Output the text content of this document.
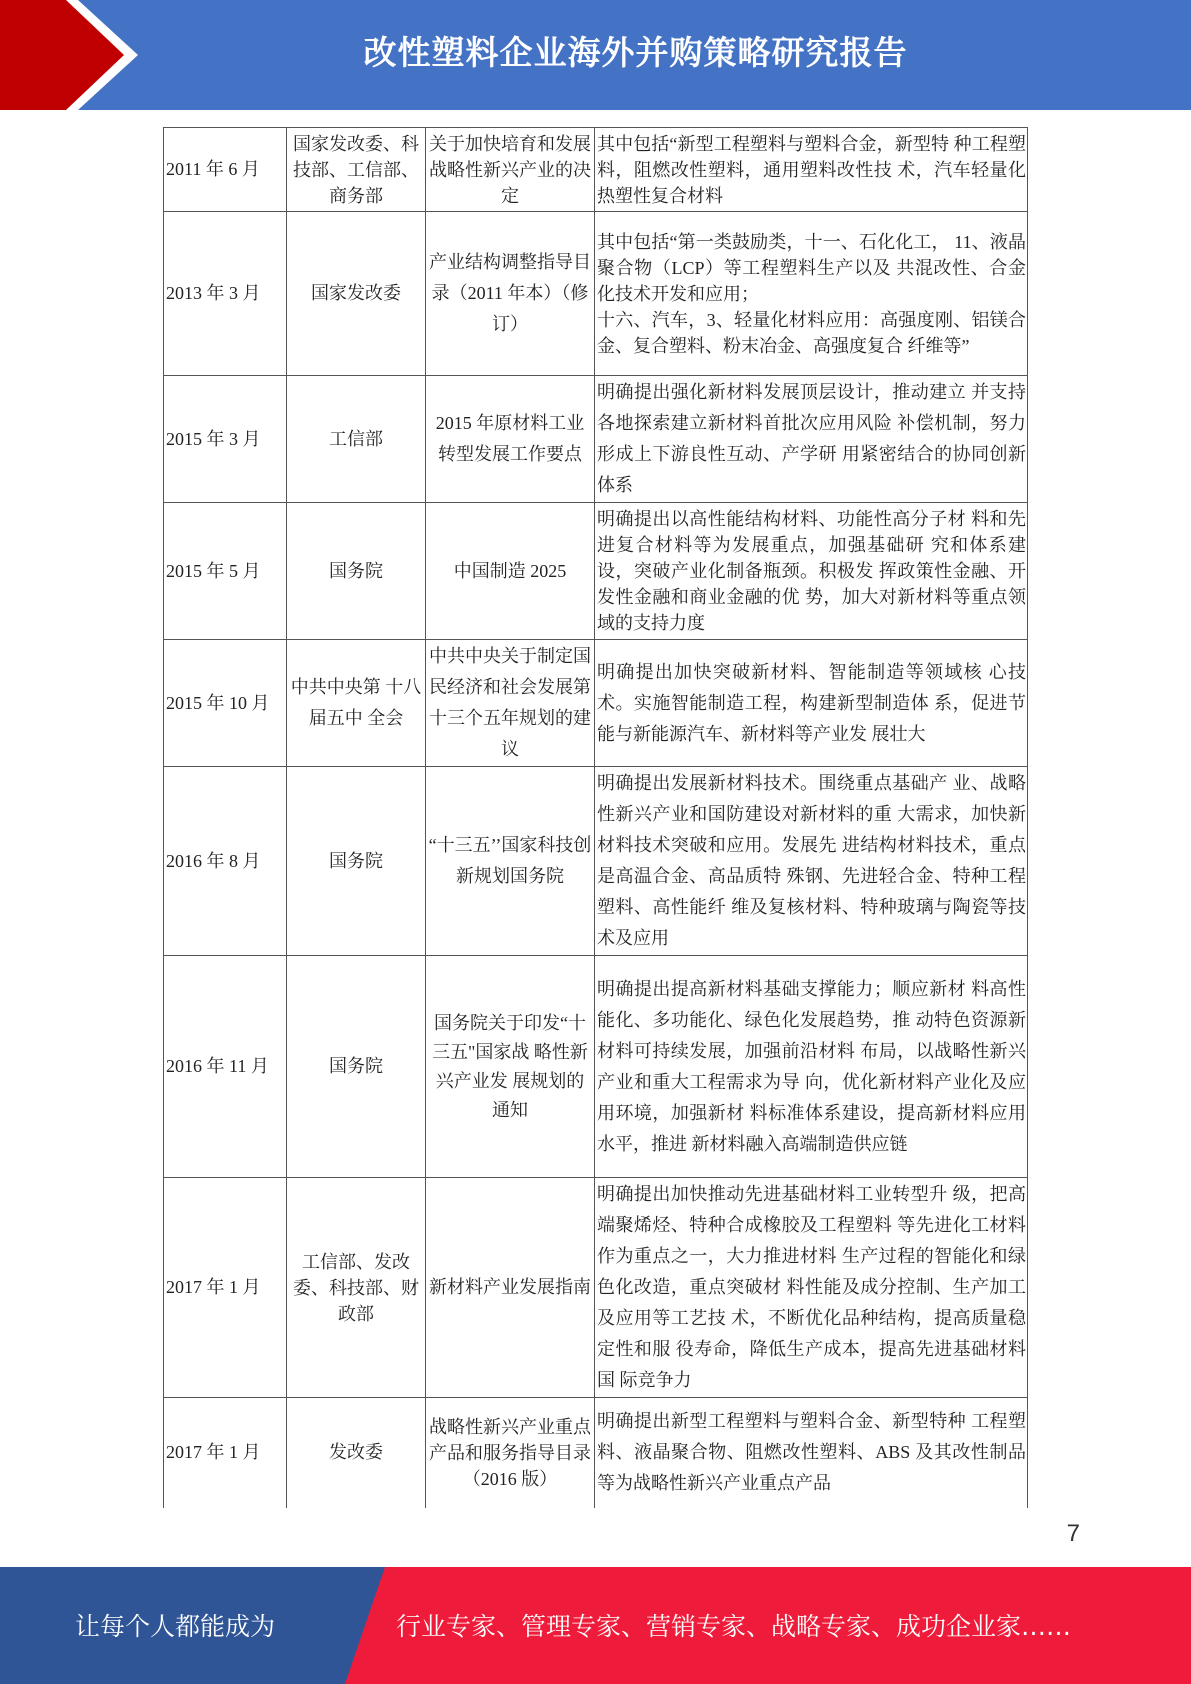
改性塑料企业海外并购策略研究报告
2011 年 6 月	国家发改委、科技部、工信部、商务部	关于加快培育和发展战略性新兴产业的决定	其中包括“新型工程塑料与塑料合金，新型特 种工程塑料，阻燃改性塑料，通用塑料改性技 术，汽车轻量化热塑性复合材料
2013 年 3 月	国家发改委	产业结构调整指导目录（2011 年本）（修订）	其中包括“第一类鼓励类，十一、石化化工， 11、液晶聚合物（LCP）等工程塑料生产以及 共混改性、合金化技术开发和应用；
十六、汽车，3、轻量化材料应用：高强度刚、铝镁合金、复合塑料、粉末冶金、高强度复合 纤维等”
2015 年 3 月	工信部	2015 年原材料工业转型发展工作要点	明确提出强化新材料发展顶层设计，推动建立 并支持各地探索建立新材料首批次应用风险 补偿机制，努力形成上下游良性互动、产学研 用紧密结合的协同创新体系
2015 年 5 月	国务院	中国制造 2025	明确提出以高性能结构材料、功能性高分子材 料和先进复合材料等为发展重点，加强基础研 究和体系建设，突破产业化制备瓶颈。积极发 挥政策性金融、开发性金融和商业金融的优 势，加大对新材料等重点领域的支持力度
2015 年 10 月	中共中央第 十八届五中 全会	中共中央关于制定国民经济和社会发展第十三个五年规划的建议	明确提出加快突破新材料、智能制造等领域核 心技术。实施智能制造工程，构建新型制造体 系，促进节能与新能源汽车、新材料等产业发 展壮大
2016 年 8 月	国务院	“十三五’’国家科技创新规划国务院	明确提出发展新材料技术。围绕重点基础产 业、战略性新兴产业和国防建设对新材料的重 大需求，加快新材料技术突破和应用。发展先 进结构材料技术，重点是高温合金、高品质特 殊钢、先进轻合金、特种工程塑料、高性能纤 维及复核材料、特种玻璃与陶瓷等技术及应用
2016 年 11 月	国务院	国务院关于印发“十三五"国家战 略性新兴产业发 展规划的通知	明确提出提高新材料基础支撑能力；顺应新材 料高性能化、多功能化、绿色化发展趋势，推 动特色资源新材料可持续发展，加强前沿材料 布局，以战略性新兴产业和重大工程需求为导 向，优化新材料产业化及应用环境，加强新材 料标准体系建设，提高新材料应用水平，推进 新材料融入高端制造供应链
2017 年 1 月	工信部、发改委、科技部、财政部	新材料产业发展指南	明确提出加快推动先进基础材料工业转型升 级，把高端聚烯烃、特种合成橡胶及工程塑料 等先进化工材料作为重点之一，大力推进材料 生产过程的智能化和绿色化改造，重点突破材 料性能及成分控制、生产加工及应用等工艺技 术，不断优化品种结构，提高质量稳定性和服 役寿命，降低生产成本，提高先进基础材料国 际竞争力
2017 年 1 月	发改委	战略性新兴产业重点产品和服务指导目录（2016 版）	明确提出新型工程塑料与塑料合金、新型特种 工程塑料、液晶聚合物、阻燃改性塑料、ABS 及其改性制品等为战略性新兴产业重点产品
7
让每个人都能成为	行业专家、管理专家、营销专家、战略专家、成功企业家……
